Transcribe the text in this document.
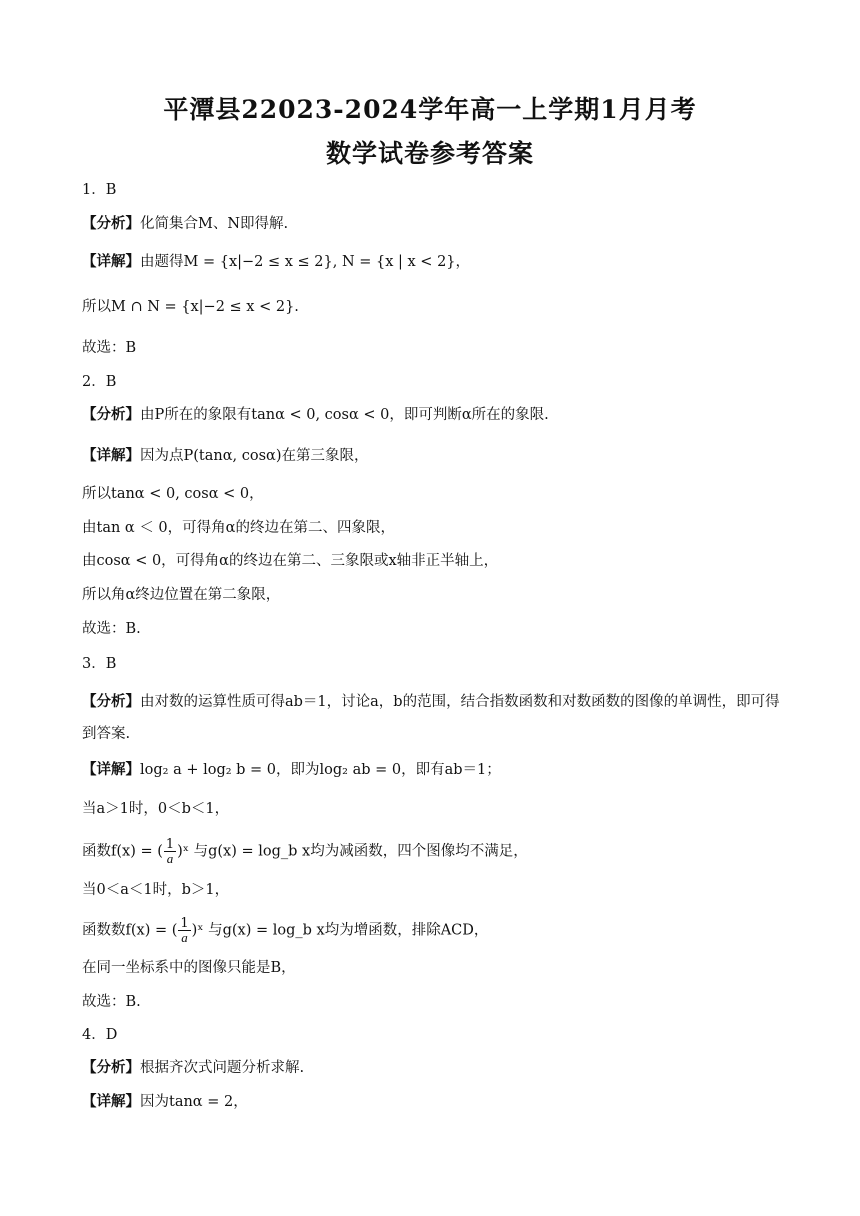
平潭县22023-2024学年高一上学期1月月考
数学试卷参考答案

1．B

【分析】化简集合M、N即得解.

【详解】由题得M = {x|−2 ≤ x ≤ 2}, N = {x | x < 2}，

所以M ∩ N = {x|−2 ≤ x < 2}.

故选：B

2．B

【分析】由P所在的象限有tanα < 0, cosα < 0，即可判断α所在的象限.

【详解】因为点P(tanα, cosα)在第三象限，

所以tanα < 0, cosα < 0，

由tan α ＜ 0，可得角α的终边在第二、四象限，

由cosα < 0，可得角α的终边在第二、三象限或x轴非正半轴上，

所以角α终边位置在第二象限，

故选：B.

3．B

【分析】由对数的运算性质可得ab＝1，讨论a，b的范围，结合指数函数和对数函数的图像的单调性，即可得到答案.

【详解】log₂ a + log₂ b = 0，即为log₂ ab = 0，即有ab＝1；

当a＞1时，0＜b＜1，

函数f(x) = ( $\frac{1}{a}$ )ˣ 与g(x) = log_b x均为减函数，四个图像均不满足，

当0＜a＜1时，b＞1，

函数数f(x) = ( $\frac{1}{a}$ )ˣ 与g(x) = log_b x均为增函数，排除ACD，

在同一坐标系中的图像只能是B，

故选：B.

4．D

【分析】根据齐次式问题分析求解.

【详解】因为tanα = 2，
